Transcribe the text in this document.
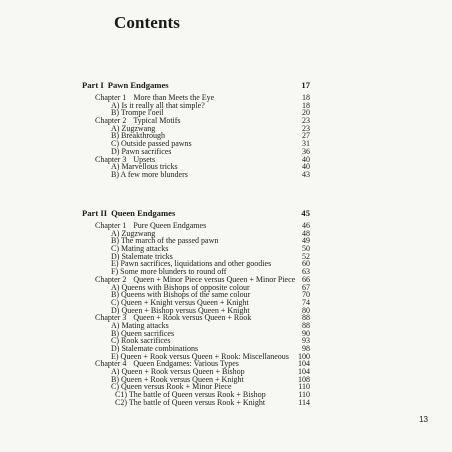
Contents
Part I Pawn Endgames	17
Chapter 1 More than Meets the Eye	18
A) Is it really all that simple?	18
B) Trompe l'oeil	20
Chapter 2 Typical Motifs	23
A) Zugzwang	23
B) Breakthrough	27
C) Outside passed pawns	31
D) Pawn sacrifices	36
Chapter 3 Upsets	40
A) Marvellous tricks	40
B) A few more blunders	43
Part II Queen Endgames	45
Chapter 1 Pure Queen Endgames	46
A) Zugzwang	48
B) The march of the passed pawn	49
C) Mating attacks	50
D) Stalemate tricks	52
E) Pawn sacrifices, liquidations and other goodies	60
F) Some more blunders to round off	63
Chapter 2 Queen + Minor Piece versus Queen + Minor Piece 66
A) Queens with Bishops of opposite colour	67
B) Queens with Bishops of the same colour	70
C) Queen + Knight versus Queen + Knight	74
D) Queen + Bishop versus Queen + Knight	80
Chapter 3 Queen + Rook versus Queen + Rook	88
A) Mating attacks	88
B) Queen sacrifices	90
C) Rook sacrifices	93
D) Stalemate combinations	98
E) Queen + Rook versus Queen + Rook: Miscellaneous 100
Chapter 4 Queen Endgames: Various Types	104
A) Queen + Rook versus Queen + Bishop	104
B) Queen + Rook versus Queen + Knight	108
C) Queen versus Rook + Minor Piece	110
C1) The battle of Queen versus Rook + Bishop	110
C2) The battle of Queen versus Rook + Knight	114
13
